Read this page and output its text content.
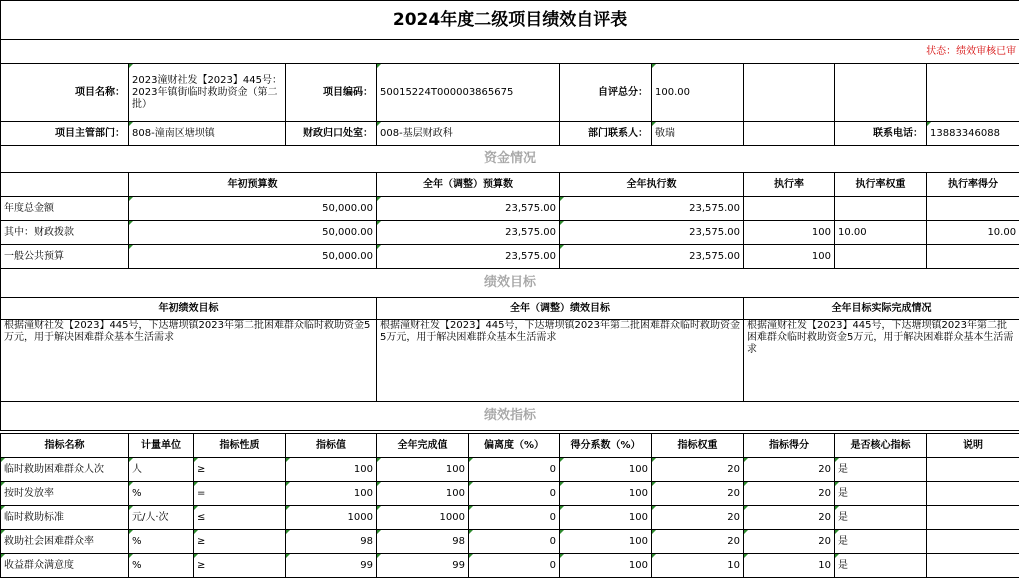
2024年度二级项目绩效自评表								
状态：绩效审核已审								
项目名称：	2023潼财社发【2023】445号：2023年镇街临时救助资金（第二批）	项目编码：	50015224T000003865675	自评总分：	100.00			
项目主管部门：	808-潼南区塘坝镇	财政归口处室：	008-基层财政科	部门联系人：	敬瑞		联系电话：	13883346088
资金情况								
	年初预算数		全年（调整）预算数	全年执行数		执行率	执行率权重	执行率得分
年度总金额	50,000.00		23,575.00	23,575.00				
其中：财政拨款	50,000.00		23,575.00	23,575.00		100	10.00	10.00
一般公共预算	50,000.00		23,575.00	23,575.00		100		
绩效目标								
年初绩效目标			全年（调整）绩效目标			全年目标实际完成情况		
根据潼财社发【2023】445号，下达塘坝镇2023年第二批困难群众临时救助资金5万元，用于解决困难群众基本生活需求			根据潼财社发【2023】445号，下达塘坝镇2023年第二批困难群众临时救助资金5万元，用于解决困难群众基本生活需求			根据潼财社发【2023】445号，下达塘坝镇2023年第二批困难群众临时救助资金5万元，用于解决困难群众基本生活需求		
绩效指标								
指标名称	计量单位	指标性质	指标值	全年完成值	偏离度（%）	得分系数（%）	指标权重	指标得分	是否核心指标	说明
临时救助困难群众人次	人	≥	100	100	0	100	20	20	是	
按时发放率	%	=	100	100	0	100	20	20	是	
临时救助标准	元/人·次	≤	1000	1000	0	100	20	20	是	
救助社会困难群众率	%	≥	98	98	0	100	20	20	是	
收益群众满意度	%	≥	99	99	0	100	10	10	是	
